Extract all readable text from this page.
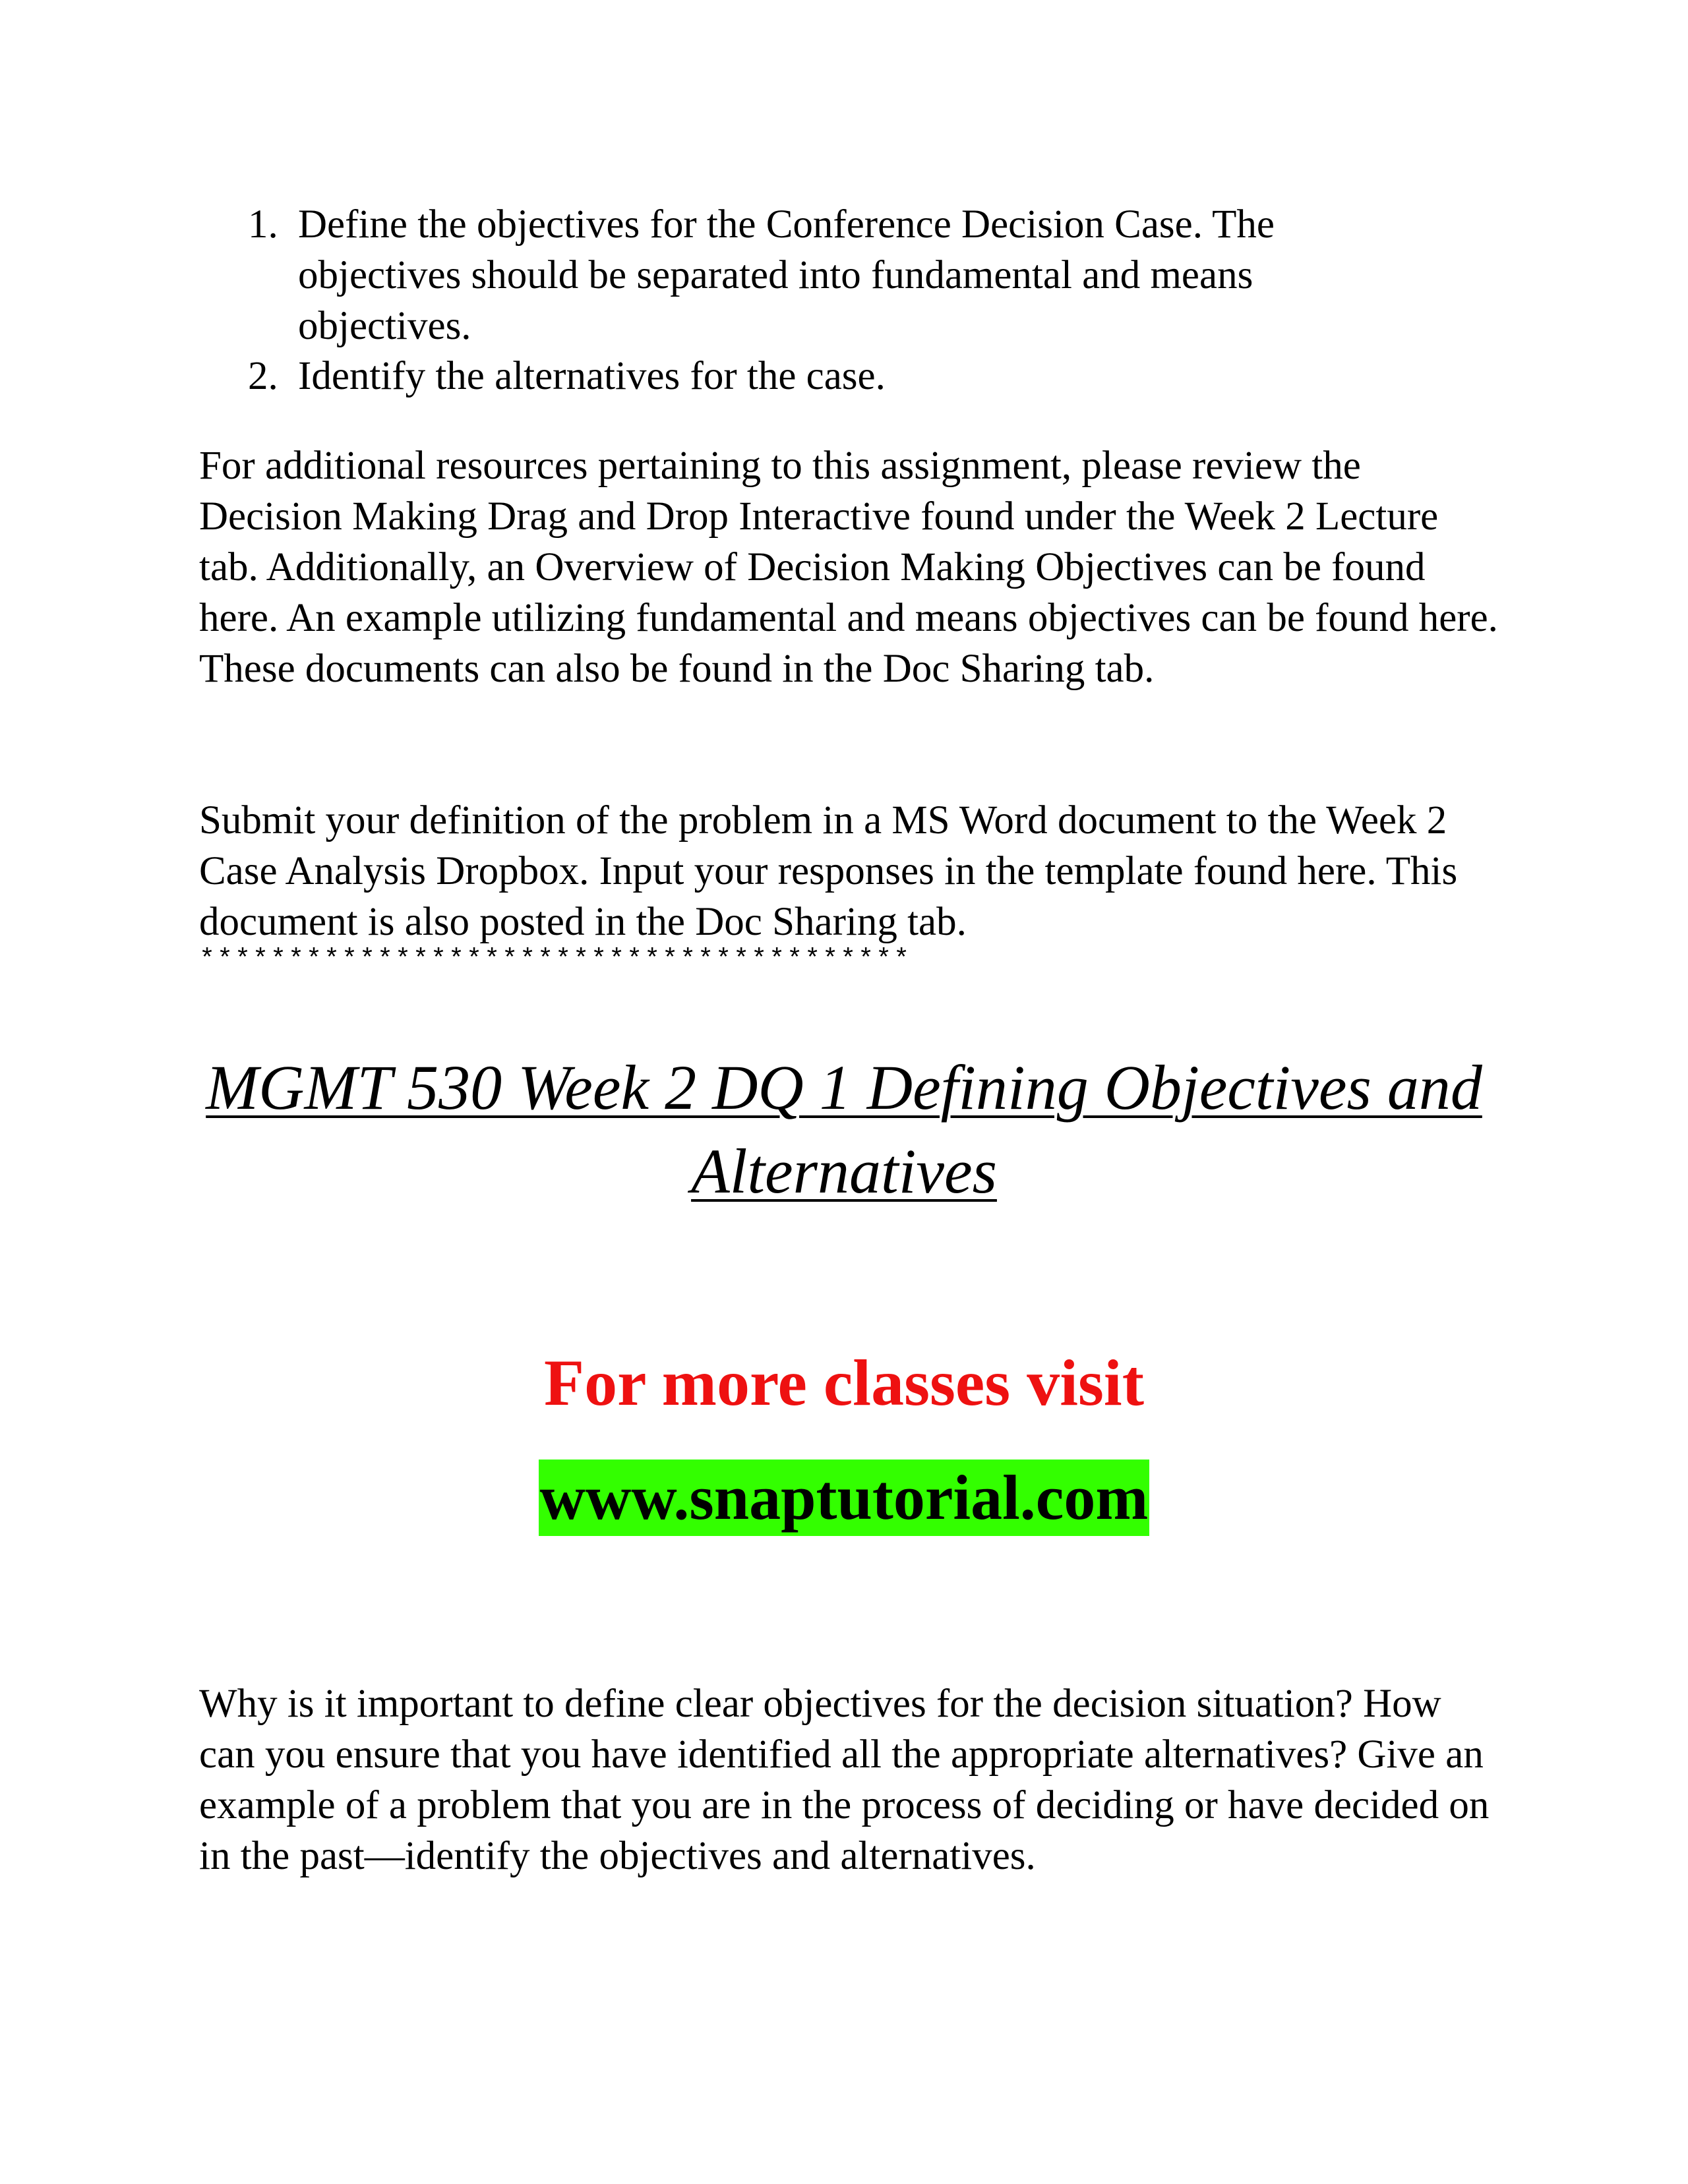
1. Define the objectives for the Conference Decision Case. The objectives should be separated into fundamental and means objectives.
2. Identify the alternatives for the case.

For additional resources pertaining to this assignment, please review the Decision Making Drag and Drop Interactive found under the Week 2 Lecture tab. Additionally, an Overview of Decision Making Objectives can be found here. An example utilizing fundamental and means objectives can be found here. These documents can also be found in the Doc Sharing tab.

Submit your definition of the problem in a MS Word document to the Week 2 Case Analysis Dropbox. Input your responses in the template found here. This document is also posted in the Doc Sharing tab.

****************************************
MGMT 530 Week 2 DQ 1 Defining Objectives and Alternatives
For more classes visit
www.snaptutorial.com

Why is it important to define clear objectives for the decision situation? How can you ensure that you have identified all the appropriate alternatives? Give an example of a problem that you are in the process of deciding or have decided on in the past—identify the objectives and alternatives.
